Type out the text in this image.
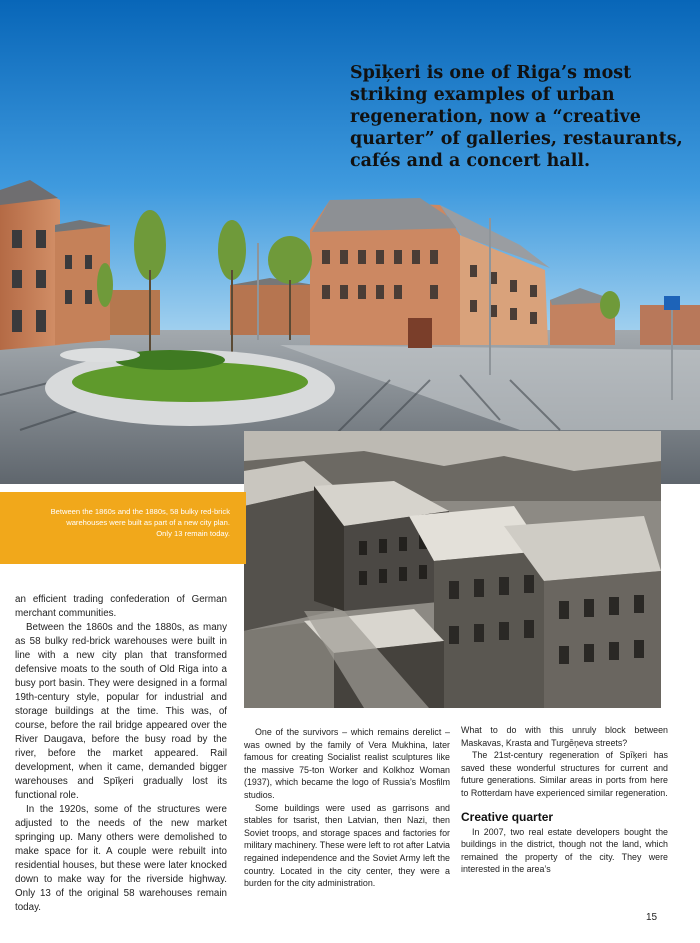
Spīķeri is one of Riga’s most striking examples of urban regeneration, now a “creative quarter” of galleries, restaurants, cafés and a concert hall.

Between the 1860s and the 1880s, 58 bulky red-brick warehouses were built as part of a new city plan. Only 13 remain today.

an efficient trading confederation of German merchant communities.

Between the 1860s and the 1880s, as many as 58 bulky red-brick warehouses were built in line with a new city plan that transformed defensive moats to the south of Old Riga into a busy port basin. They were designed in a formal 19th-century style, popular for industrial and storage buildings at the time. This was, of course, before the rail bridge appeared over the River Daugava, before the busy road by the river, before the market appeared. Rail development, when it came, demanded bigger warehouses and Spīķeri gradually lost its functional role.

In the 1920s, some of the structures were adjusted to the needs of the new market springing up. Many others were demolished to make space for it. A couple were rebuilt into residential houses, but these were later knocked down to make way for the riverside highway. Only 13 of the original 58 warehouses remain today.

One of the survivors – which remains derelict – was owned by the family of Vera Mukhina, later famous for creating Socialist realist sculptures like the massive 75-ton Worker and Kolkhoz Woman (1937), which became the logo of Russia’s Mosfilm studios.

Some buildings were used as garrisons and stables for tsarist, then Latvian, then Nazi, then Soviet troops, and storage spaces and factories for military machinery. These were left to rot after Latvia regained independence and the Soviet Army left the country. Located in the city center, they were a burden for the city administration.

What to do with this unruly block between Maskavas, Krasta and Turgēņeva streets?

The 21st-century regeneration of Spīķeri has saved these wonderful structures for current and future generations. Similar areas in ports from here to Rotterdam have experienced similar regeneration.

Creative quarter

In 2007, two real estate developers bought the buildings in the district, though not the land, which remained the property of the city. They were interested in the area’s

15
